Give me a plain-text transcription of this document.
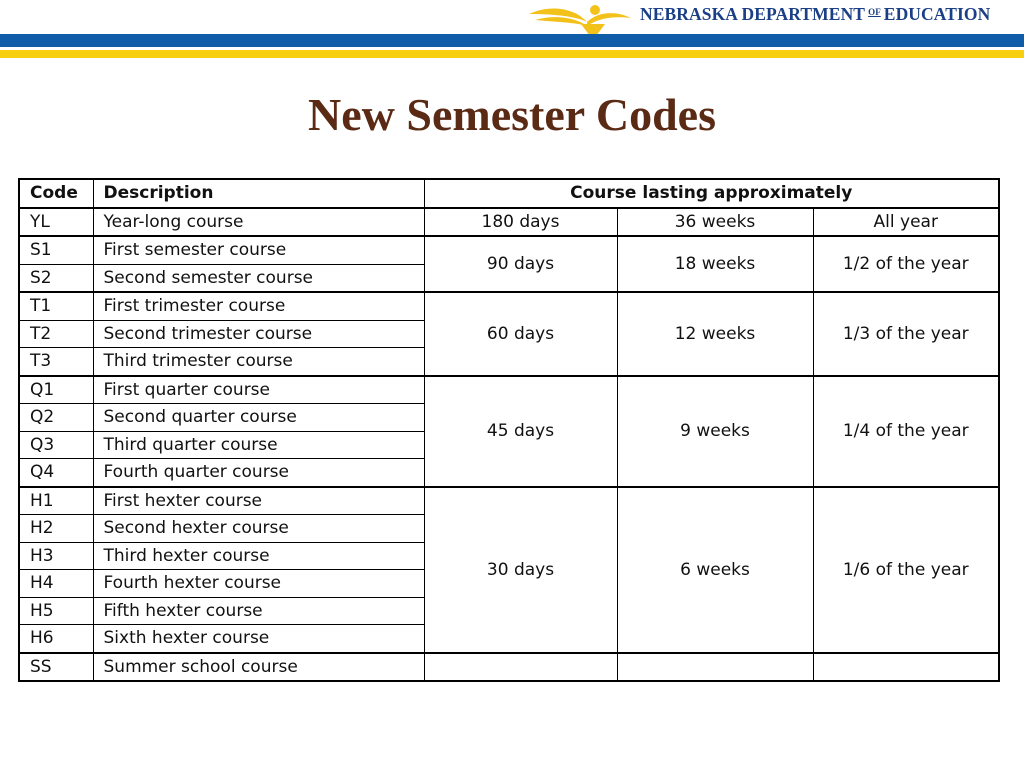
NEBRASKA DEPARTMENT $^{OF}$ EDUCATION
New Semester Codes
Code	Description	Course lasting approximately		
YL	Year-long course	180 days	36 weeks	All year
S1	First semester course	90 days	18 weeks	1/2 of the year
S2	Second semester course			
T1	First trimester course	60 days	12 weeks	1/3 of the year
T2	Second trimester course			
T3	Third trimester course			
Q1	First quarter course	45 days	9 weeks	1/4 of the year
Q2	Second quarter course			
Q3	Third quarter course			
Q4	Fourth quarter course			
H1	First hexter course	30 days	6 weeks	1/6 of the year
H2	Second hexter course			
H3	Third hexter course			
H4	Fourth hexter course			
H5	Fifth hexter course			
H6	Sixth hexter course			
SS	Summer school course			
